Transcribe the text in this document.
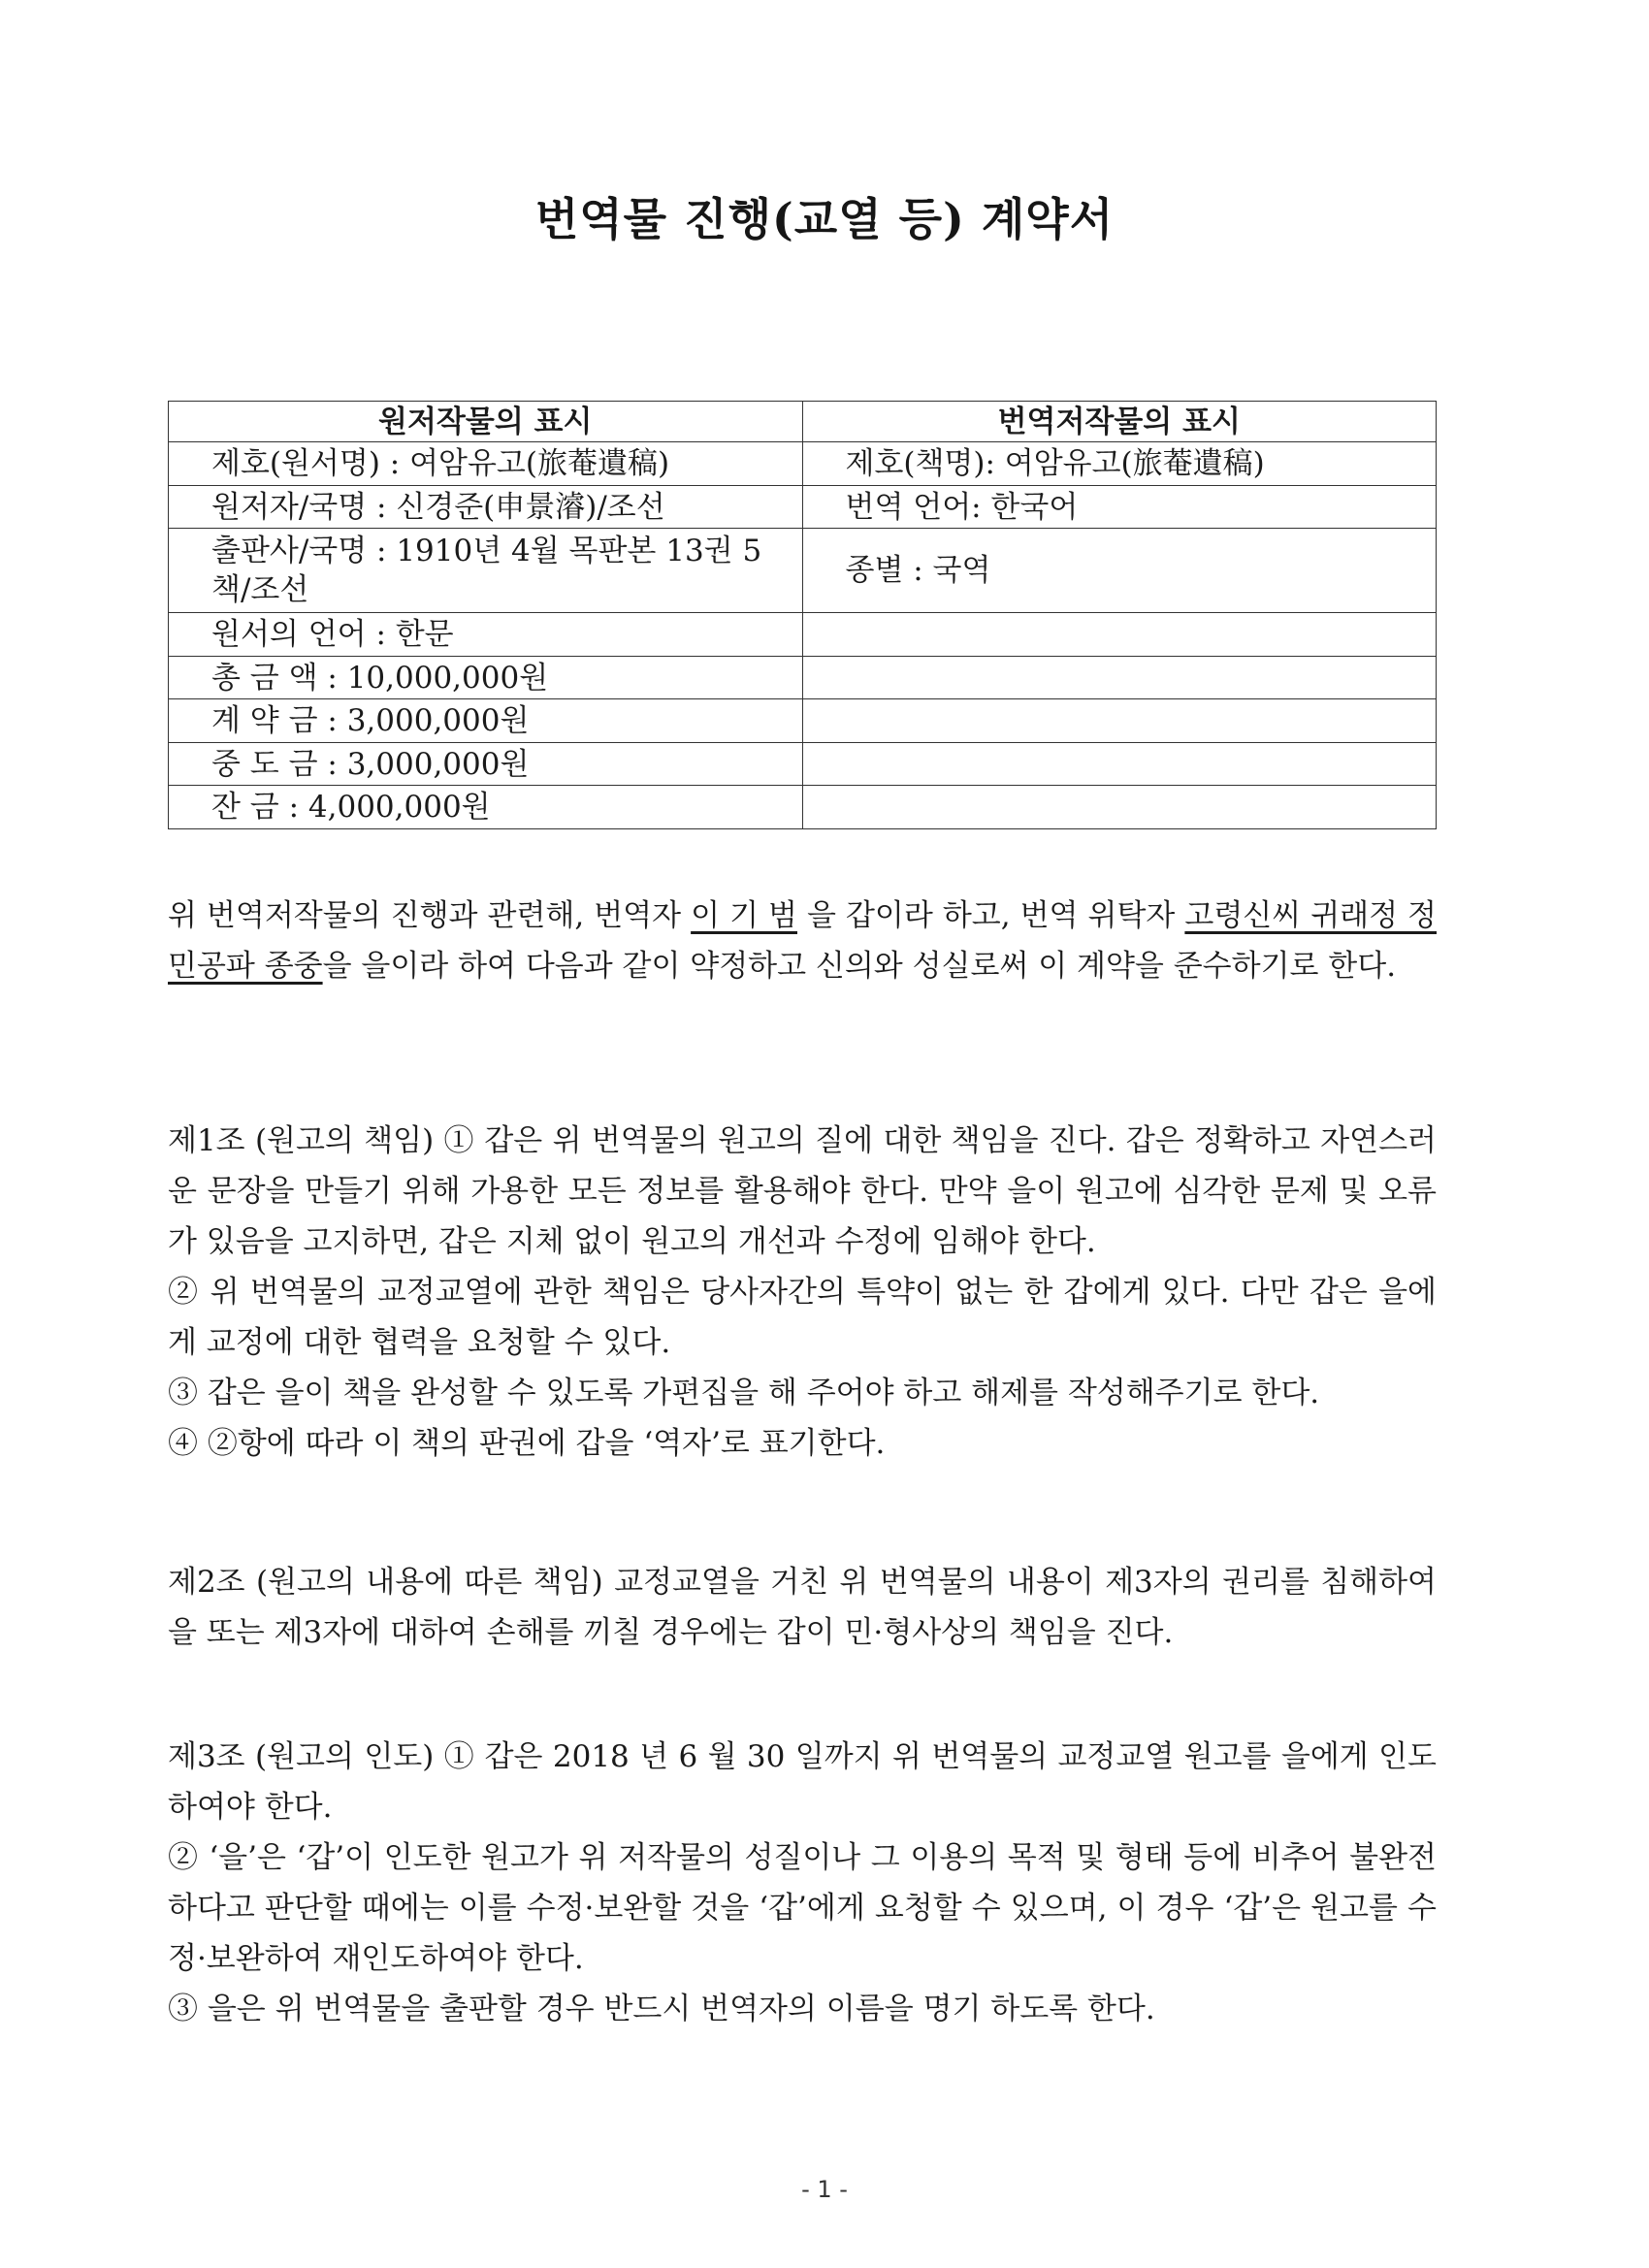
번역물 진행(교열 등) 계약서
원저작물의 표시	번역저작물의 표시
제호(원서명) : 여암유고(旅菴遺稿)	제호(책명): 여암유고(旅菴遺稿)
원저자/국명 : 신경준(申景濬)/조선	번역 언어: 한국어

출판사/국명 : 1910년 4월 목판본 13권 5책/조선	종별 : 국역
원서의 언어 : 한문	
총 금 액 : 10,000,000원	
계 약 금 : 3,000,000원	
중 도 금 : 3,000,000원	
잔 금 : 4,000,000원	

위 번역저작물의 진행과 관련해, 번역자 이 기 범 을 갑이라 하고, 번역 위탁자 고령신씨 귀래정 정민공파 종중을 을이라 하여 다음과 같이 약정하고 신의와 성실로써 이 계약을 준수하기로 한다.

제1조 (원고의 책임) ① 갑은 위 번역물의 원고의 질에 대한 책임을 진다. 갑은 정확하고 자연스러운 문장을 만들기 위해 가용한 모든 정보를 활용해야 한다. 만약 을이 원고에 심각한 문제 및 오류가 있음을 고지하면, 갑은 지체 없이 원고의 개선과 수정에 임해야 한다.

② 위 번역물의 교정교열에 관한 책임은 당사자간의 특약이 없는 한 갑에게 있다. 다만 갑은 을에게 교정에 대한 협력을 요청할 수 있다.

③ 갑은 을이 책을 완성할 수 있도록 가편집을 해 주어야 하고 해제를 작성해주기로 한다.

④ ②항에 따라 이 책의 판권에 갑을 ‘역자’로 표기한다.

제2조 (원고의 내용에 따른 책임) 교정교열을 거친 위 번역물의 내용이 제3자의 권리를 침해하여 을 또는 제3자에 대하여 손해를 끼칠 경우에는 갑이 민·형사상의 책임을 진다.

제3조 (원고의 인도) ① 갑은 2018 년 6 월 30 일까지 위 번역물의 교정교열 원고를 을에게 인도하여야 한다.

② ‘을’은 ‘갑’이 인도한 원고가 위 저작물의 성질이나 그 이용의 목적 및 형태 등에 비추어 불완전하다고 판단할 때에는 이를 수정·보완할 것을 ‘갑’에게 요청할 수 있으며, 이 경우 ‘갑’은 원고를 수정·보완하여 재인도하여야 한다.

③ 을은 위 번역물을 출판할 경우 반드시 번역자의 이름을 명기 하도록 한다.

- 1 -
